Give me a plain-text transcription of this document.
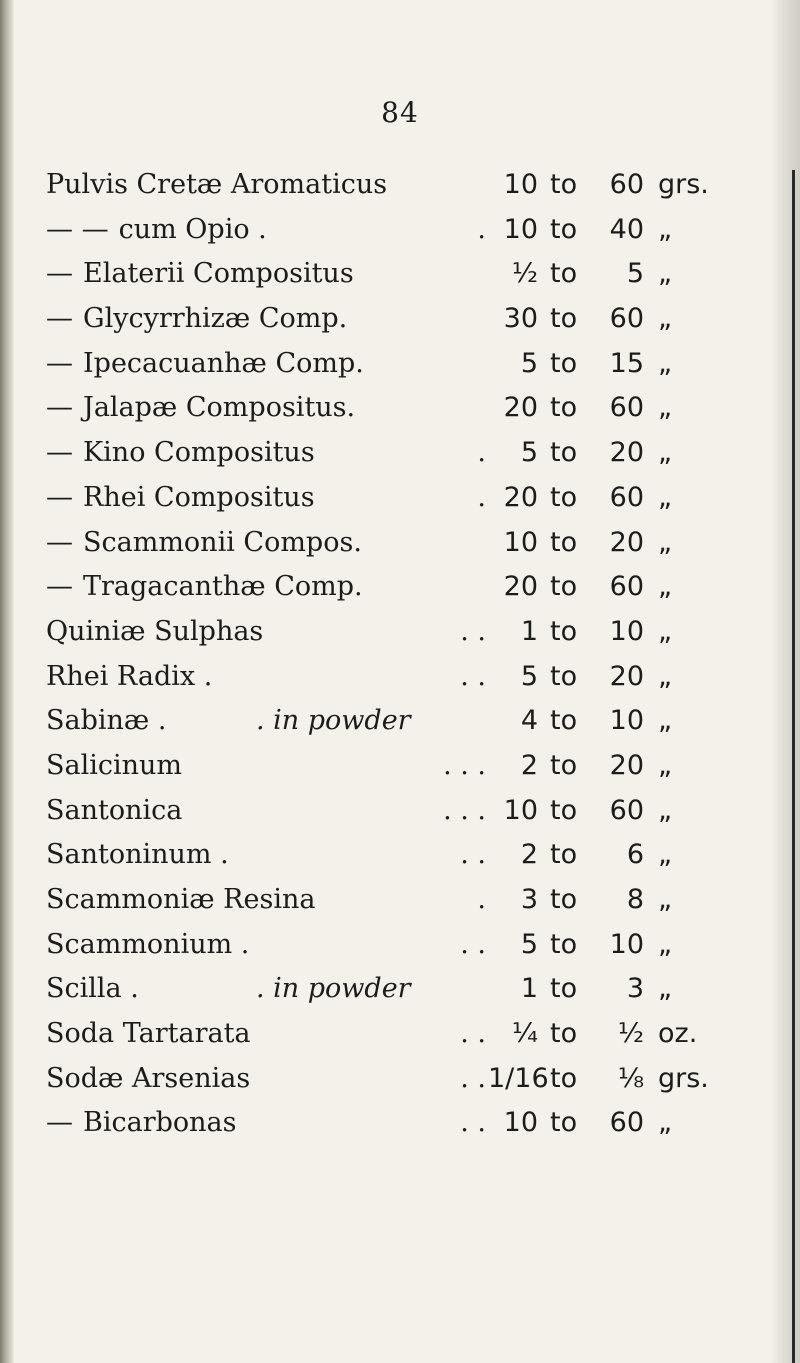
84
Pulvis Cretæ Aromaticus	10 to	60 grs.
— — cum Opio .	. 10 to	40 „
— Elaterii Compositus	½ to	5 „
— Glycyrrhizæ Comp.	30 to	60 „
— Ipecacuanhæ Comp.	5 to	15 „
— Jalapæ Compositus.	20 to	60 „
— Kino Compositus	.	5 to	20 „
— Rhei Compositus	. 20 to	60 „
— Scammonii Compos.	10 to	20 „
— Tragacanthæ Comp.	20 to	60 „
Quiniæ Sulphas	. .	1 to	10 „
Rhei Radix .	. .	5 to	20 „
Sabinæ .	. in powder	4 to	10 „
Salicinum	. . .	2 to	20 „
Santonica	. . . 10 to	60 „
Santoninum .	. .	2 to	6 „
Scammoniæ Resina	.	3 to	8 „
Scammonium .	. .	5 to	10 „
Scilla .	. in powder	1 to	3 „
Soda Tartarata	. . ¼ to	½ oz.
Sodæ Arsenias	. . 1/16 to	⅛ grs.
— Bicarbonas	. . 10 to	60 „
